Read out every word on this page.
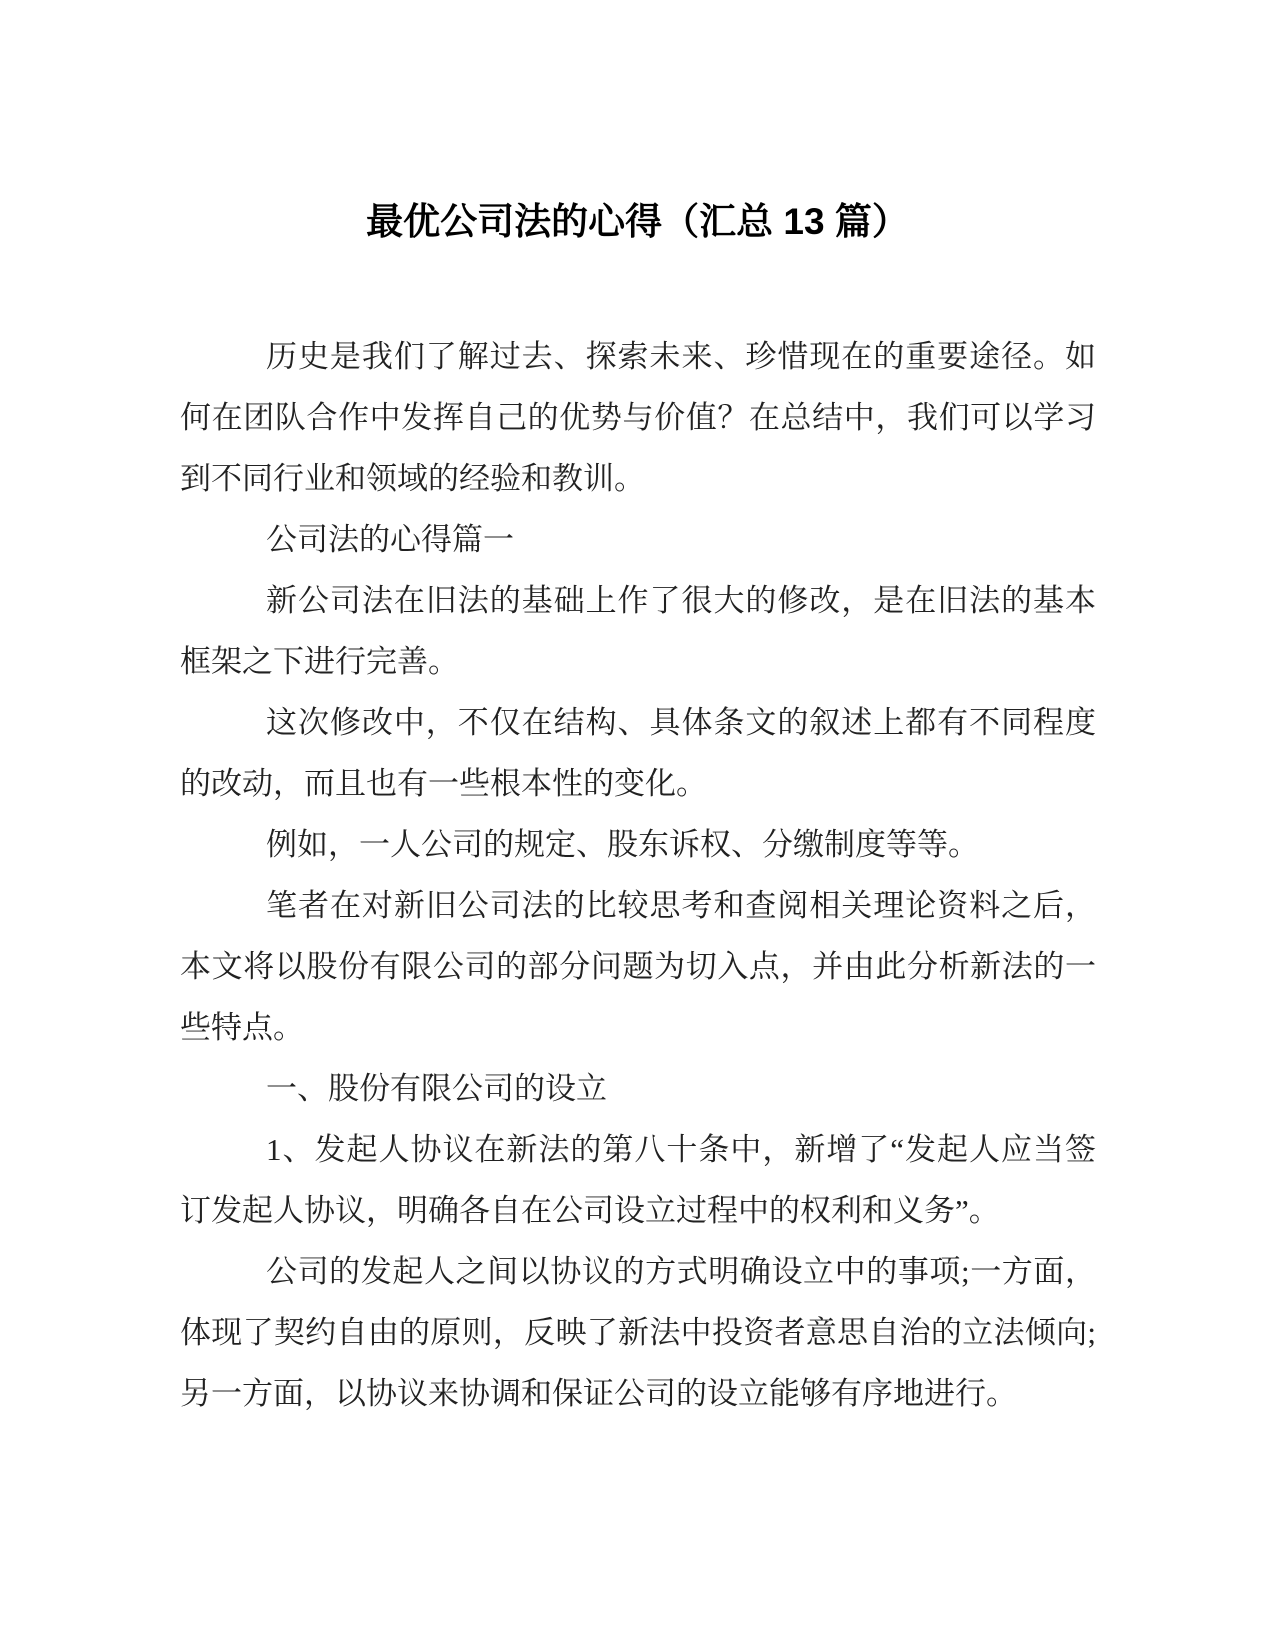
最优公司法的心得（汇总 13 篇）

历史是我们了解过去、探索未来、珍惜现在的重要途径。如何在团队合作中发挥自己的优势与价值？在总结中，我们可以学习到不同行业和领域的经验和教训。

公司法的心得篇一

新公司法在旧法的基础上作了很大的修改，是在旧法的基本框架之下进行完善。

这次修改中，不仅在结构、具体条文的叙述上都有不同程度的改动，而且也有一些根本性的变化。

例如，一人公司的规定、股东诉权、分缴制度等等。

笔者在对新旧公司法的比较思考和查阅相关理论资料之后，本文将以股份有限公司的部分问题为切入点，并由此分析新法的一些特点。

一、股份有限公司的设立

1、发起人协议在新法的第八十条中，新增了“发起人应当签订发起人协议，明确各自在公司设立过程中的权利和义务”。

公司的发起人之间以协议的方式明确设立中的事项;一方面，体现了契约自由的原则，反映了新法中投资者意思自治的立法倾向;另一方面，以协议来协调和保证公司的设立能够有序地进行。
